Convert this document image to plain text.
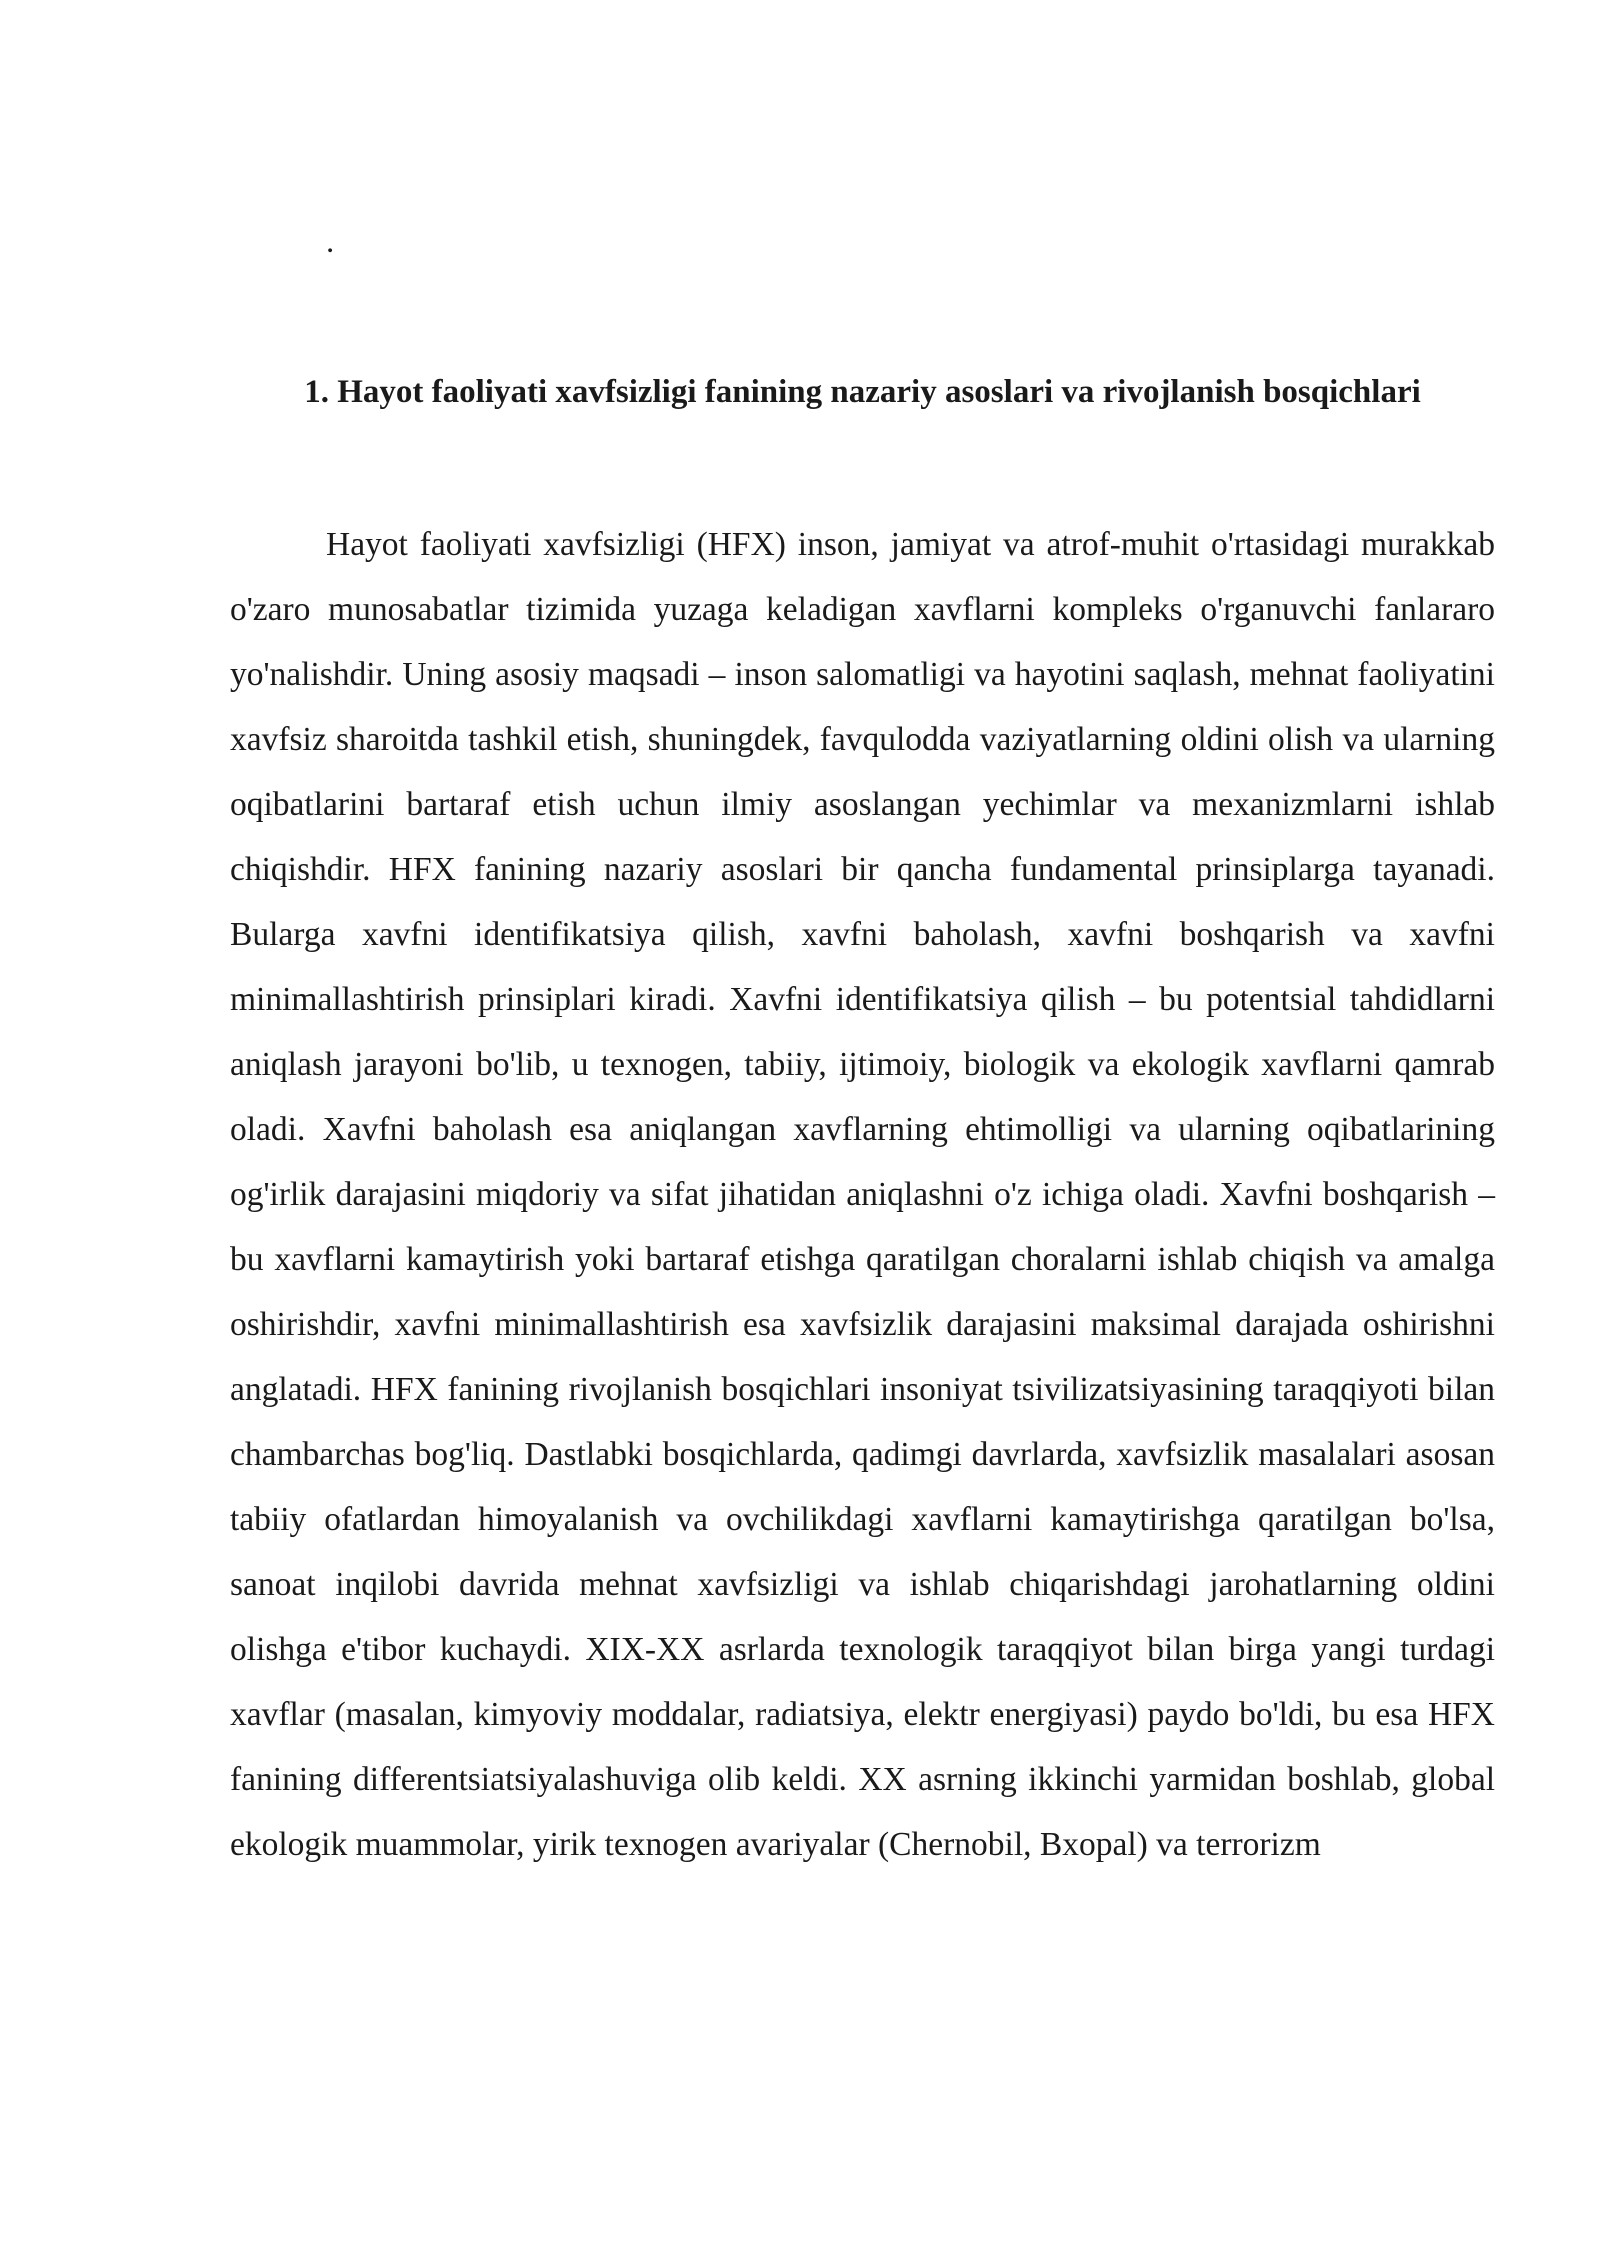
.
1. Hayot faoliyati xavfsizligi fanining nazariy asoslari va rivojlanish bosqichlari

Hayot faoliyati xavfsizligi (HFX) inson, jamiyat va atrof-muhit o'rtasidagi murakkab o'zaro munosabatlar tizimida yuzaga keladigan xavflarni kompleks o'rganuvchi fanlararo yo'nalishdir. Uning asosiy maqsadi – inson salomatligi va hayotini saqlash, mehnat faoliyatini xavfsiz sharoitda tashkil etish, shuningdek, favqulodda vaziyatlarning oldini olish va ularning oqibatlarini bartaraf etish uchun ilmiy asoslangan yechimlar va mexanizmlarni ishlab chiqishdir. HFX fanining nazariy asoslari bir qancha fundamental prinsiplarga tayanadi. Bularga xavfni identifikatsiya qilish, xavfni baholash, xavfni boshqarish va xavfni minimallashtirish prinsiplari kiradi. Xavfni identifikatsiya qilish – bu potentsial tahdidlarni aniqlash jarayoni bo'lib, u texnogen, tabiiy, ijtimoiy, biologik va ekologik xavflarni qamrab oladi. Xavfni baholash esa aniqlangan xavflarning ehtimolligi va ularning oqibatlarining og'irlik darajasini miqdoriy va sifat jihatidan aniqlashni o'z ichiga oladi. Xavfni boshqarish – bu xavflarni kamaytirish yoki bartaraf etishga qaratilgan choralarni ishlab chiqish va amalga oshirishdir, xavfni minimallashtirish esa xavfsizlik darajasini maksimal darajada oshirishni anglatadi. HFX fanining rivojlanish bosqichlari insoniyat tsivilizatsiyasining taraqqiyoti bilan chambarchas bog'liq. Dastlabki bosqichlarda, qadimgi davrlarda, xavfsizlik masalalari asosan tabiiy ofatlardan himoyalanish va ovchilikdagi xavflarni kamaytirishga qaratilgan bo'lsa, sanoat inqilobi davrida mehnat xavfsizligi va ishlab chiqarishdagi jarohatlarning oldini olishga e'tibor kuchaydi. XIX-XX asrlarda texnologik taraqqiyot bilan birga yangi turdagi xavflar (masalan, kimyoviy moddalar, radiatsiya, elektr energiyasi) paydo bo'ldi, bu esa HFX fanining differentsiatsiyalashuviga olib keldi. XX asrning ikkinchi yarmidan boshlab, global ekologik muammolar, yirik texnogen avariyalar (Chernobil, Bxopal) va terrorizm
